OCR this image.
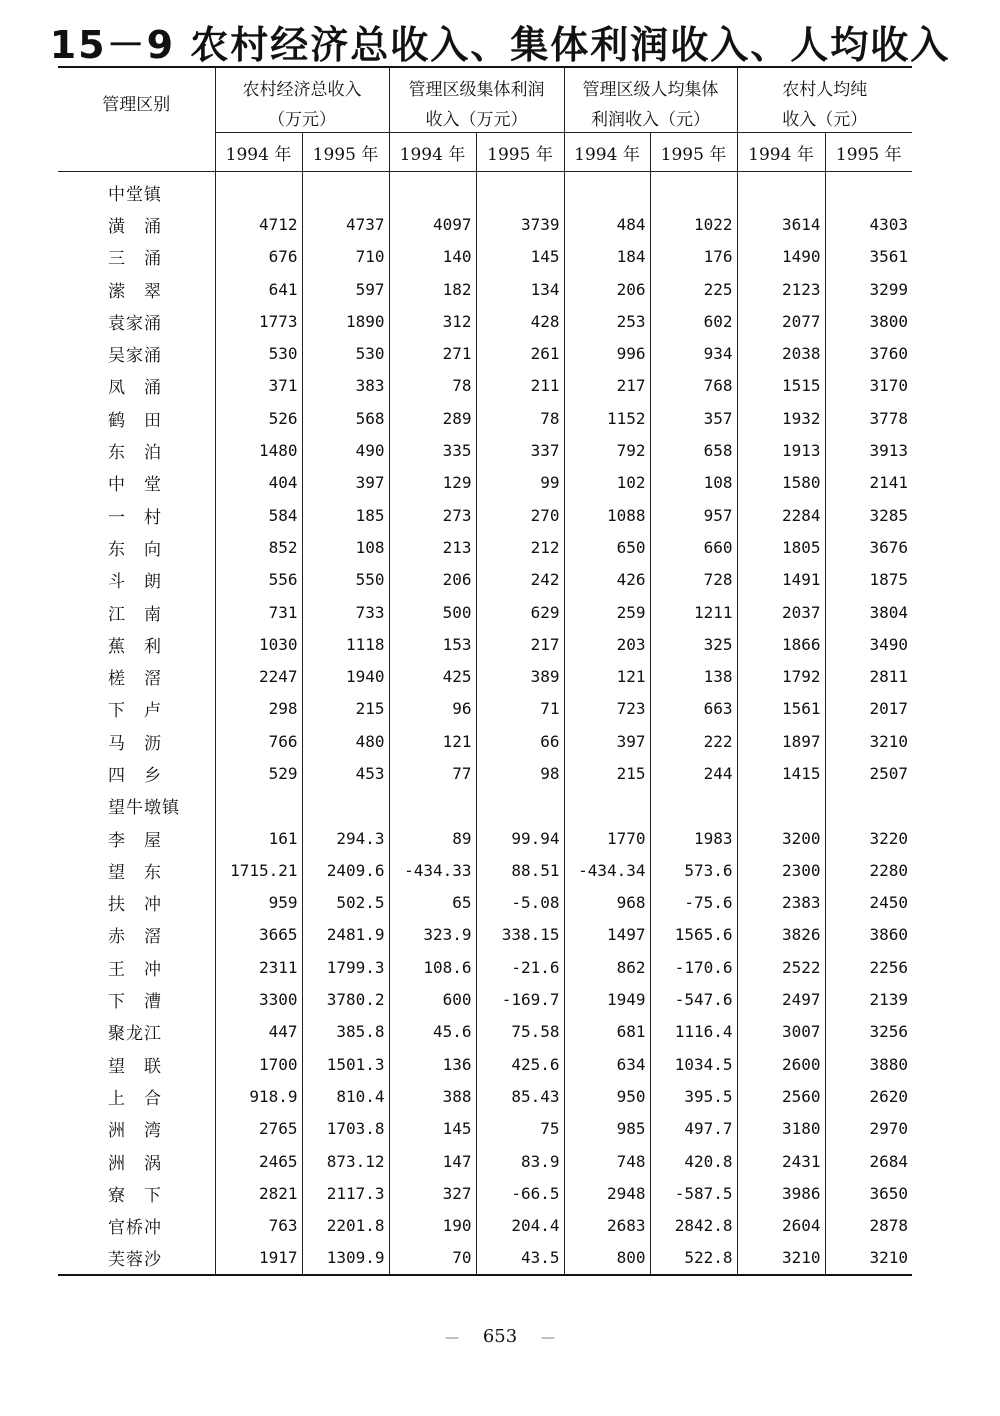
15－9 农村经济总收入、集体利润收入、人均收入
管理区别	农村经济总收入		管理区级集体利润		管理区级人均集体		农村人均纯	
	（万元）		收入（万元）		利润收入（元）		收入（元）	
	1994 年	1995 年	1994 年	1995 年	1994 年	1995 年	1994 年	1995 年
中堂镇								
潢　涌	4712	4737	4097	3739	484	1022	3614	4303
三　涌	676	710	140	145	184	176	1490	3561
潆　翠	641	597	182	134	206	225	2123	3299
袁家涌	1773	1890	312	428	253	602	2077	3800
吴家涌	530	530	271	261	996	934	2038	3760
凤　涌	371	383	78	211	217	768	1515	3170
鹤　田	526	568	289	78	1152	357	1932	3778
东　泊	1480	490	335	337	792	658	1913	3913
中　堂	404	397	129	99	102	108	1580	2141
一　村	584	185	273	270	1088	957	2284	3285
东　向	852	108	213	212	650	660	1805	3676
斗　朗	556	550	206	242	426	728	1491	1875
江　南	731	733	500	629	259	1211	2037	3804
蕉　利	1030	1118	153	217	203	325	1866	3490
槎　滘	2247	1940	425	389	121	138	1792	2811
下　卢	298	215	96	71	723	663	1561	2017
马　沥	766	480	121	66	397	222	1897	3210
四　乡	529	453	77	98	215	244	1415	2507
望牛墩镇								
李　屋	161	294.3	89	99.94	1770	1983	3200	3220
望　东	1715.21	2409.6	-434.33	88.51	-434.34	573.6	2300	2280
扶　冲	959	502.5	65	-5.08	968	-75.6	2383	2450
赤　滘	3665	2481.9	323.9	338.15	1497	1565.6	3826	3860
王　冲	2311	1799.3	108.6	-21.6	862	-170.6	2522	2256
下　漕	3300	3780.2	600	-169.7	1949	-547.6	2497	2139
聚龙江	447	385.8	45.6	75.58	681	1116.4	3007	3256
望　联	1700	1501.3	136	425.6	634	1034.5	2600	3880
上　合	918.9	810.4	388	85.43	950	395.5	2560	2620
洲　湾	2765	1703.8	145	75	985	497.7	3180	2970
洲　涡	2465	873.12	147	83.9	748	420.8	2431	2684
寮　下	2821	2117.3	327	-66.5	2948	-587.5	3986	3650
官桥冲	763	2201.8	190	204.4	2683	2842.8	2604	2878
芙蓉沙	1917	1309.9	70	43.5	800	522.8	3210	3210
— 653 —
